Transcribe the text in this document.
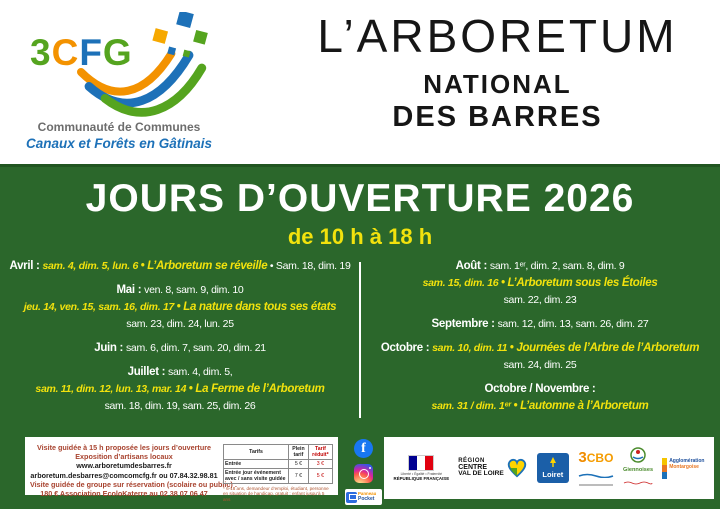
3CFG
Communauté de Communes
Canaux et Forêts en Gâtinais
L’ARBORETUM
NATIONAL
DES BARRES
JOURS D’OUVERTURE 2026
de 10 h à 18 h
Avril : sam. 4, dim. 5, lun. 6 • L’Arboretum se réveille • Sam. 18, dim. 19
Mai : ven. 8, sam. 9, dim. 10
jeu. 14, ven. 15, sam. 16, dim. 17 • La nature dans tous ses états
sam. 23, dim. 24, lun. 25
Juin : sam. 6, dim. 7, sam. 20, dim. 21
Juillet : sam. 4, dim. 5,
sam. 11, dim. 12, lun. 13, mar. 14 • La Ferme de l’Arboretum
sam. 18, dim. 19, sam. 25, dim. 26
Août : sam. 1ᵉʳ, dim. 2, sam. 8, dim. 9
sam. 15, dim. 16 • L’Arboretum sous les Étoiles
sam. 22, dim. 23
Septembre : sam. 12, dim. 13, sam. 26, dim. 27
Octobre : sam. 10, dim. 11 • Journées de l’Arbre de l’Arboretum
sam. 24, dim. 25
Octobre / Novembre :
sam. 31 / dim. 1ᵉʳ • L’automne à l’Arboretum
Visite guidée à 15 h proposée les jours d’ouverture
Exposition d’artisans locaux
www.arboretumdesbarres.fr
arboretum.desbarres@comcomcfg.fr ou 07.84.32.98.81
Visite guidée de groupe sur réservation (scolaire ou public) :
180 € Association EcoloKaterre au 02 38 07 06 47
Tarifs	Plein tarif	Tarif réduit*
Entrée	5 €	3 €
Entrée jour événement avec / sans visite guidée	7 €	5 €
* 6-18 ans, demandeur d’emploi, étudiant, personne en situation de handicap, gratuit : enfant jusqu’à 5 ans
f
Panneau
Pocket
Liberté • Égalité • Fraternité
RÉPUBLIQUE FRANÇAISE
RÉGION
CENTRE
VAL DE LOIRE	Loiret
3CBO
Giennoises
Agglomération
Montargoise
